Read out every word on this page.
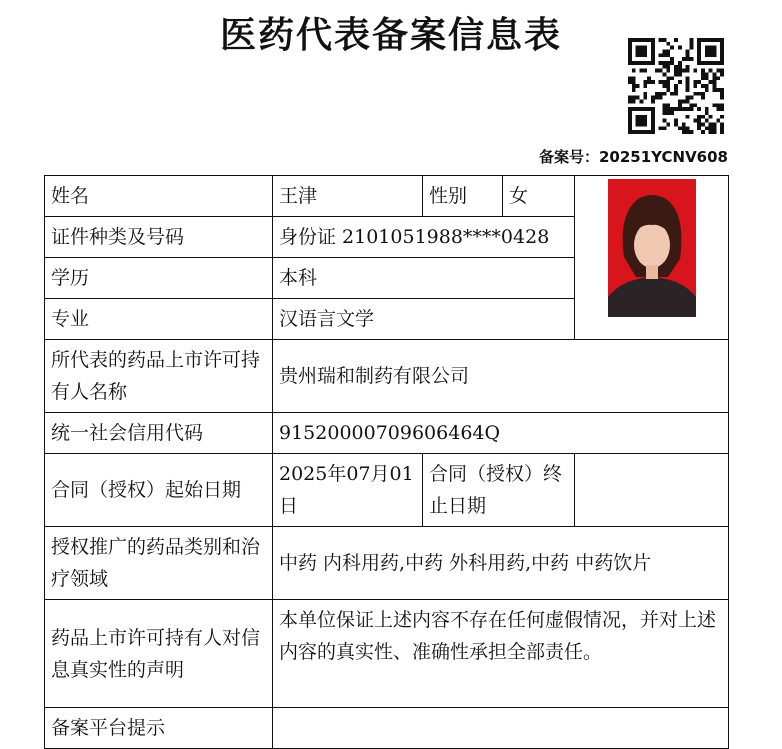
医药代表备案信息表
备案号：20251YCNV608
姓名	王津	性别	女	

证件种类及号码	身份证 2101051988****0428			
学历	本科			
专业	汉语言文学			
所代表的药品上市许可持有人名称	贵州瑞和制药有限公司			
统一社会信用代码	91520000709606464Q			
合同（授权）起始日期	2025年07月01日	合同（授权）终止日期		
授权推广的药品类别和治疗领域	中药 内科用药,中药 外科用药,中药 中药饮片			
药品上市许可持有人对信息真实性的声明	本单位保证上述内容不存在任何虚假情况，并对上述内容的真实性、准确性承担全部责任。			
备案平台提示				
